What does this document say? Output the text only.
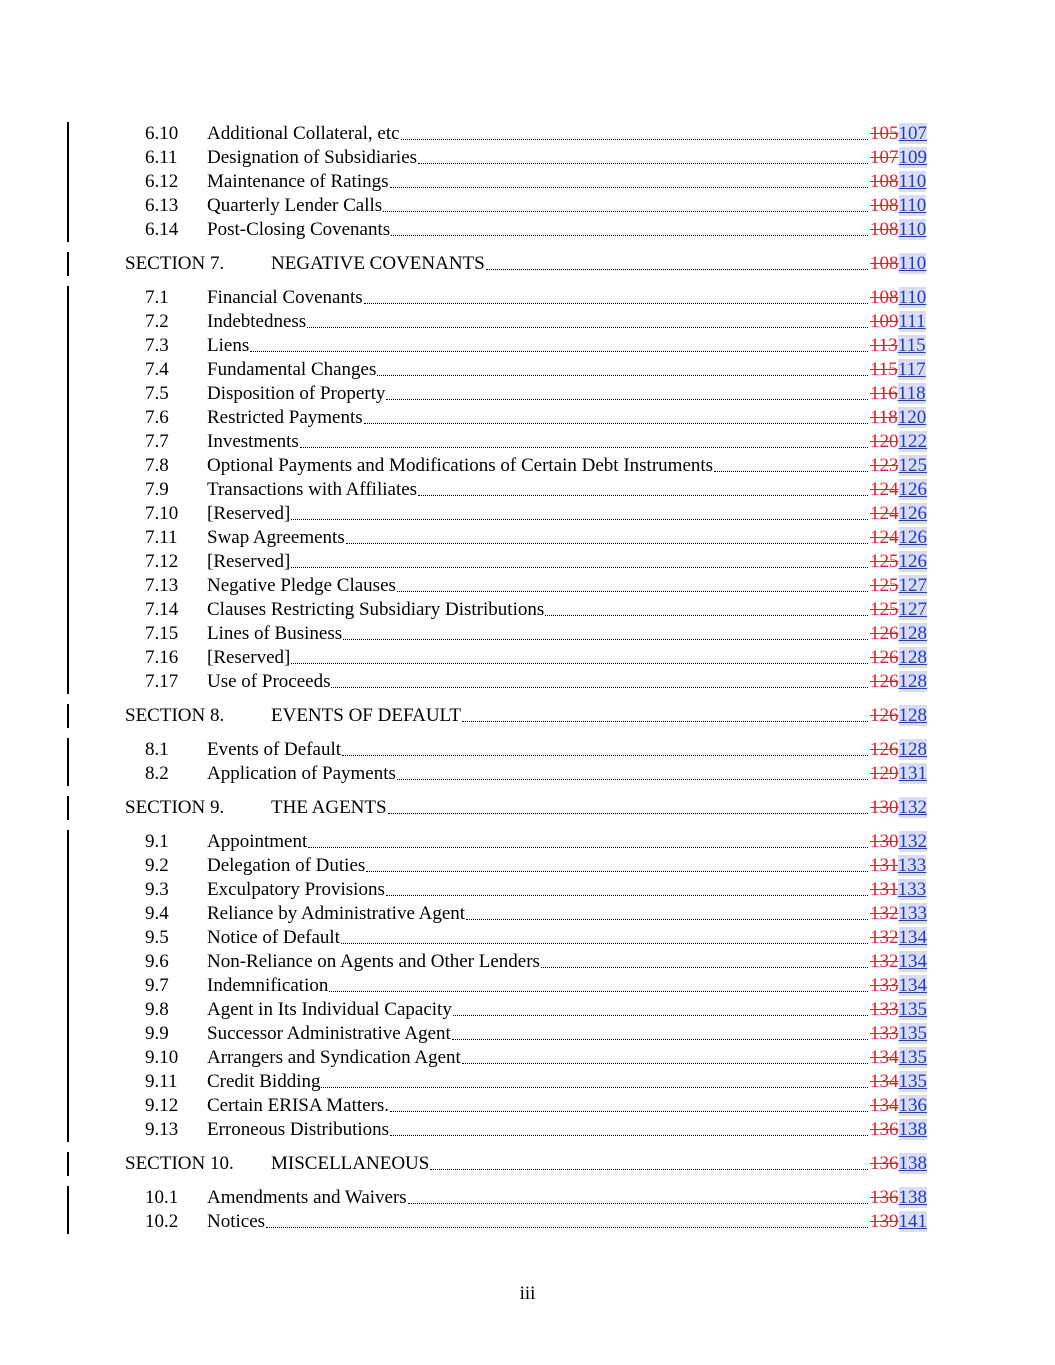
6.10 Additional Collateral, etc	105107
6.11 Designation of Subsidiaries	107109
6.12 Maintenance of Ratings	108110
6.13 Quarterly Lender Calls	108110
6.14 Post-Closing Covenants	108110
SECTION 7. NEGATIVE COVENANTS	108110
7.1 Financial Covenants	108110
7.2 Indebtedness	109111
7.3 Liens	113115
7.4 Fundamental Changes	115117
7.5 Disposition of Property	116118
7.6 Restricted Payments	118120
7.7 Investments	120122
7.8 Optional Payments and Modifications of Certain Debt Instruments	123125
7.9 Transactions with Affiliates	124126
7.10 [Reserved]	124126
7.11 Swap Agreements	124126
7.12 [Reserved]	125126
7.13 Negative Pledge Clauses	125127
7.14 Clauses Restricting Subsidiary Distributions	125127
7.15 Lines of Business	126128
7.16 [Reserved]	126128
7.17 Use of Proceeds	126128
SECTION 8. EVENTS OF DEFAULT	126128
8.1 Events of Default	126128
8.2 Application of Payments	129131
SECTION 9. THE AGENTS	130132
9.1 Appointment	130132
9.2 Delegation of Duties	131133
9.3 Exculpatory Provisions	131133
9.4 Reliance by Administrative Agent	132133
9.5 Notice of Default	132134
9.6 Non-Reliance on Agents and Other Lenders	132134
9.7 Indemnification	133134
9.8 Agent in Its Individual Capacity	133135
9.9 Successor Administrative Agent	133135
9.10 Arrangers and Syndication Agent	134135
9.11 Credit Bidding	134135
9.12 Certain ERISA Matters.	134136
9.13 Erroneous Distributions	136138
SECTION 10. MISCELLANEOUS	136138
10.1 Amendments and Waivers	136138
10.2 Notices	139141
iii
